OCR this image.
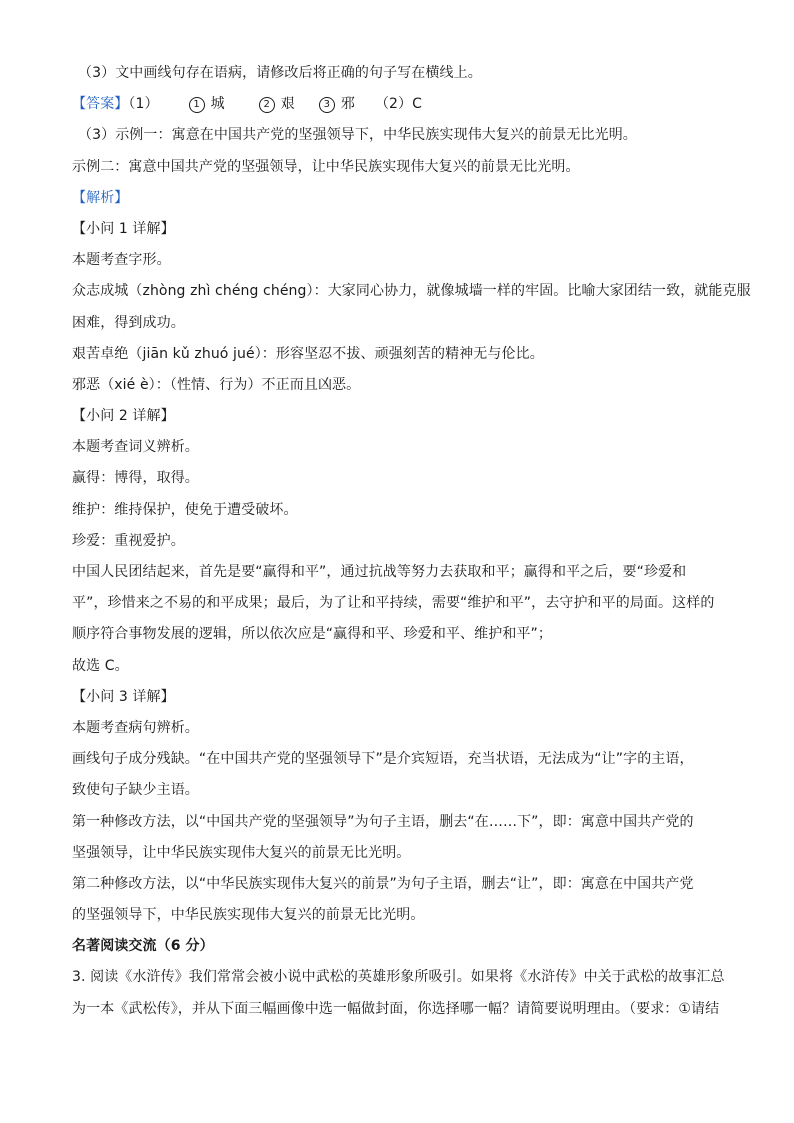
（3）文中画线句存在语病，请修改后将正确的句子写在横线上。

【答案】（1）	1 城	2 艰	3 邪 （2）C

（3）示例一：寓意在中国共产党的坚强领导下，中华民族实现伟大复兴的前景无比光明。

示例二：寓意中国共产党的坚强领导，让中华民族实现伟大复兴的前景无比光明。

【解析】

【小问 1 详解】

本题考查字形。

众志成城（zhòng zhì chéng chéng）：大家同心协力，就像城墙一样的牢固。比喻大家团结一致，就能克服

困难，得到成功。

艰苦卓绝（jiān kǔ zhuó jué）：形容坚忍不拔、顽强刻苦的精神无与伦比。

邪恶（xié è）：（性情、行为）不正而且凶恶。

【小问 2 详解】

本题考查词义辨析。

赢得：博得，取得。

维护：维持保护，使免于遭受破坏。

珍爱：重视爱护。

中国人民团结起来，首先是要“赢得和平”，通过抗战等努力去获取和平；赢得和平之后，要“珍爱和

平”，珍惜来之不易的和平成果；最后，为了让和平持续，需要“维护和平”，去守护和平的局面。这样的

顺序符合事物发展的逻辑，所以依次应是“赢得和平、珍爱和平、维护和平”；

故选 C。

【小问 3 详解】

本题考查病句辨析。

画线句子成分残缺。“在中国共产党的坚强领导下”是介宾短语，充当状语，无法成为“让”字的主语，

致使句子缺少主语。

第一种修改方法，以“中国共产党的坚强领导”为句子主语，删去“在……下”，即：寓意中国共产党的

坚强领导，让中华民族实现伟大复兴的前景无比光明。

第二种修改方法，以“中华民族实现伟大复兴的前景”为句子主语，删去“让”，即：寓意在中国共产党

的坚强领导下，中华民族实现伟大复兴的前景无比光明。

名著阅读交流（6 分）

3. 阅读《水浒传》我们常常会被小说中武松的英雄形象所吸引。如果将《水浒传》中关于武松的故事汇总

为一本《武松传》，并从下面三幅画像中选一幅做封面，你选择哪一幅？请简要说明理由。（要求：①请结
